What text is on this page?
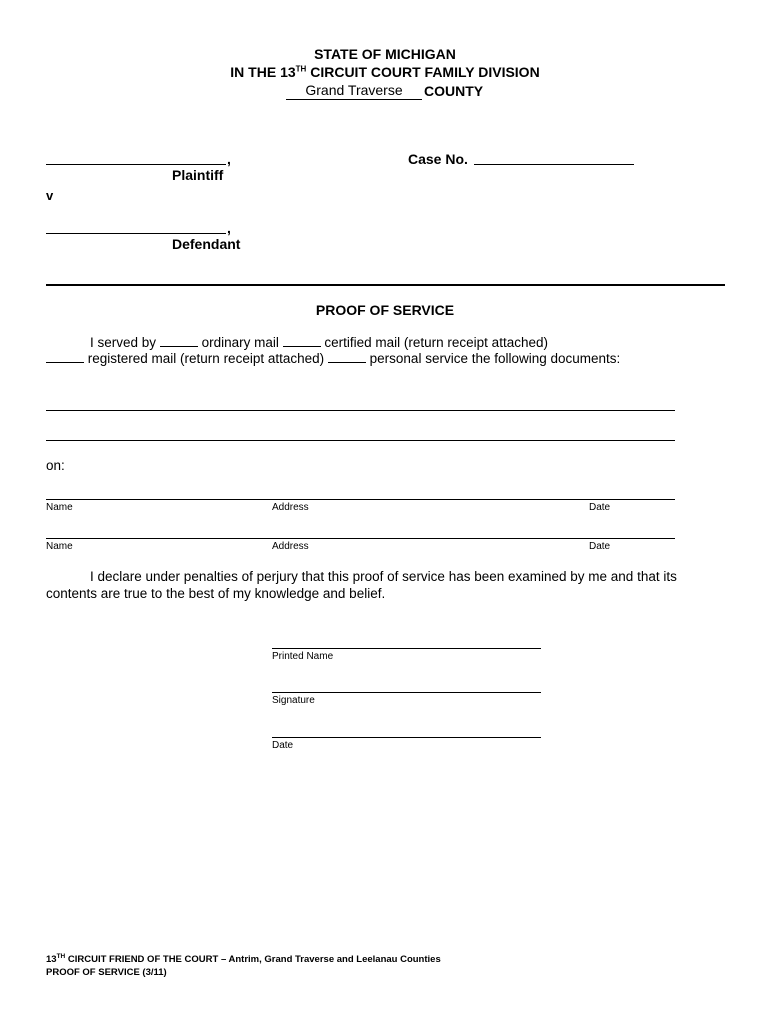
STATE OF MICHIGAN
IN THE 13TH CIRCUIT COURT FAMILY DIVISION
Grand Traverse	COUNTY
,
Plaintiff
v
Case No.
,
Defendant
PROOF OF SERVICE
I served by	ordinary mail	certified mail (return receipt attached)
registered mail (return receipt attached)	personal service the following documents:
on:
Name	Address	Date
Name	Address	Date
I declare under penalties of perjury that this proof of service has been examined by me and that its
contents are true to the best of my knowledge and belief.
Printed Name
Signature
Date
13TH CIRCUIT FRIEND OF THE COURT – Antrim, Grand Traverse and Leelanau Counties
PROOF OF SERVICE (3/11)
